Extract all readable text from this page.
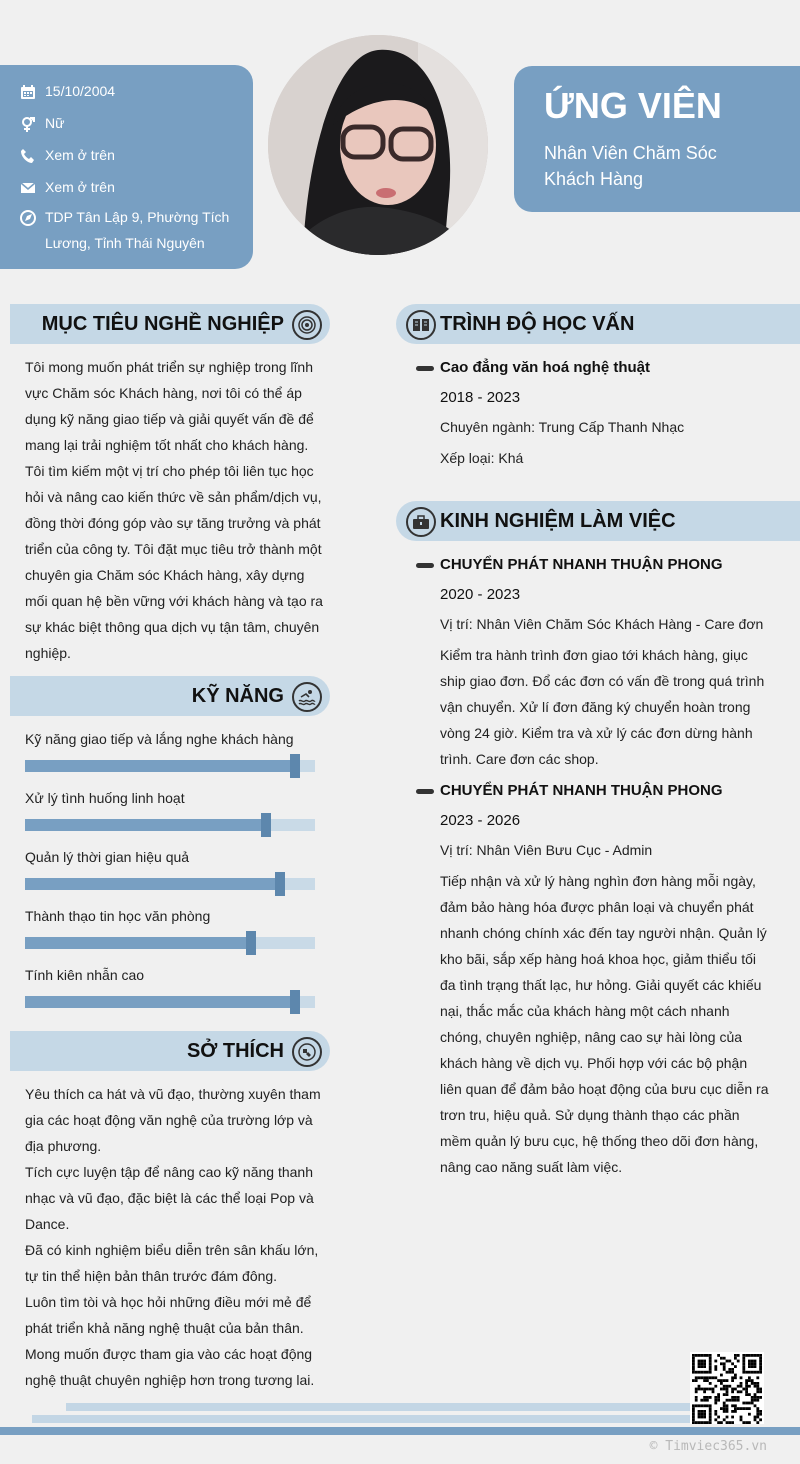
15/10/2004
Nữ
Xem ở trên
Xem ở trên
TDP Tân Lập 9, Phường Tích Lương, Tỉnh Thái Nguyên
ỨNG VIÊN
Nhân Viên Chăm Sóc Khách Hàng
MỤC TIÊU NGHỀ NGHIỆP
Tôi mong muốn phát triển sự nghiệp trong lĩnh vực Chăm sóc Khách hàng, nơi tôi có thể áp dụng kỹ năng giao tiếp và giải quyết vấn đề để mang lại trải nghiệm tốt nhất cho khách hàng. Tôi tìm kiếm một vị trí cho phép tôi liên tục học hỏi và nâng cao kiến thức về sản phẩm/dịch vụ, đồng thời đóng góp vào sự tăng trưởng và phát triển của công ty. Tôi đặt mục tiêu trở thành một chuyên gia Chăm sóc Khách hàng, xây dựng mối quan hệ bền vững với khách hàng và tạo ra sự khác biệt thông qua dịch vụ tận tâm, chuyên nghiệp.
KỸ NĂNG
Kỹ năng giao tiếp và lắng nghe khách hàng
Xử lý tình huống linh hoạt
Quản lý thời gian hiệu quả
Thành thạo tin học văn phòng
Tính kiên nhẫn cao
SỞ THÍCH
Yêu thích ca hát và vũ đạo, thường xuyên tham gia các hoạt động văn nghệ của trường lớp và địa phương.
Tích cực luyện tập để nâng cao kỹ năng thanh nhạc và vũ đạo, đặc biệt là các thể loại Pop và Dance.
Đã có kinh nghiệm biểu diễn trên sân khấu lớn, tự tin thể hiện bản thân trước đám đông.
Luôn tìm tòi và học hỏi những điều mới mẻ để phát triển khả năng nghệ thuật của bản thân.
Mong muốn được tham gia vào các hoạt động nghệ thuật chuyên nghiệp hơn trong tương lai.
TRÌNH ĐỘ HỌC VẤN
Cao đẳng văn hoá nghệ thuật
2018 - 2023
Chuyên ngành: Trung Cấp Thanh Nhạc
Xếp loại: Khá
KINH NGHIỆM LÀM VIỆC
CHUYỂN PHÁT NHANH THUẬN PHONG
2020 - 2023
Vị trí: Nhân Viên Chăm Sóc Khách Hàng - Care đơn
Kiểm tra hành trình đơn giao tới khách hàng, giục ship giao đơn. Đổ các đơn có vấn đề trong quá trình vận chuyển. Xử lí đơn đăng ký chuyển hoàn trong vòng 24 giờ. Kiểm tra và xử lý các đơn dừng hành trình. Care đơn các shop.
CHUYỂN PHÁT NHANH THUẬN PHONG
2023 - 2026
Vị trí: Nhân Viên Bưu Cục - Admin
Tiếp nhận và xử lý hàng nghìn đơn hàng mỗi ngày, đảm bảo hàng hóa được phân loại và chuyển phát nhanh chóng chính xác đến tay người nhận. Quản lý kho bãi, sắp xếp hàng hoá khoa học, giảm thiểu tối đa tình trạng thất lạc, hư hỏng. Giải quyết các khiếu nại, thắc mắc của khách hàng một cách nhanh chóng, chuyên nghiệp, nâng cao sự hài lòng của khách hàng về dịch vụ. Phối hợp với các bộ phận liên quan để đảm bảo hoạt động của bưu cục diễn ra trơn tru, hiệu quả. Sử dụng thành thạo các phần mềm quản lý bưu cục, hệ thống theo dõi đơn hàng, nâng cao năng suất làm việc.
© Timviec365.vn
